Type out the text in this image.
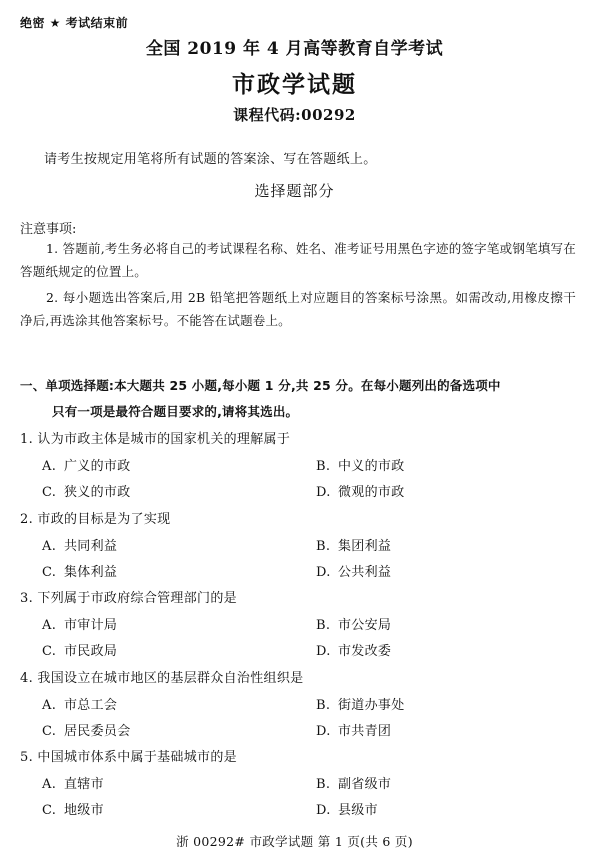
绝密 ★ 考试结束前
全国 2019 年 4 月高等教育自学考试
市政学试题
课程代码:00292
请考生按规定用笔将所有试题的答案涂、写在答题纸上。
选择题部分
注意事项:

1. 答题前,考生务必将自己的考试课程名称、姓名、准考证号用黑色字迹的签字笔或钢笔填写在答题纸规定的位置上。

2. 每小题选出答案后,用 2B 铅笔把答题纸上对应题目的答案标号涂黑。如需改动,用橡皮擦干净后,再选涂其他答案标号。不能答在试题卷上。

一、单项选择题:本大题共 25 小题,每小题 1 分,共 25 分。在每小题列出的备选项中
只有一项是最符合题目要求的,请将其选出。
1. 认为市政主体是城市的国家机关的理解属于
A. 广义的市政	B. 中义的市政
C. 狭义的市政	D. 微观的市政
2. 市政的目标是为了实现
A. 共同利益	B. 集团利益
C. 集体利益	D. 公共利益
3. 下列属于市政府综合管理部门的是
A. 市审计局	B. 市公安局
C. 市民政局	D. 市发改委
4. 我国设立在城市地区的基层群众自治性组织是
A. 市总工会	B. 街道办事处
C. 居民委员会	D. 市共青团
5. 中国城市体系中属于基础城市的是
A. 直辖市	B. 副省级市
C. 地级市	D. 县级市
浙 00292# 市政学试题 第 1 页(共 6 页)
